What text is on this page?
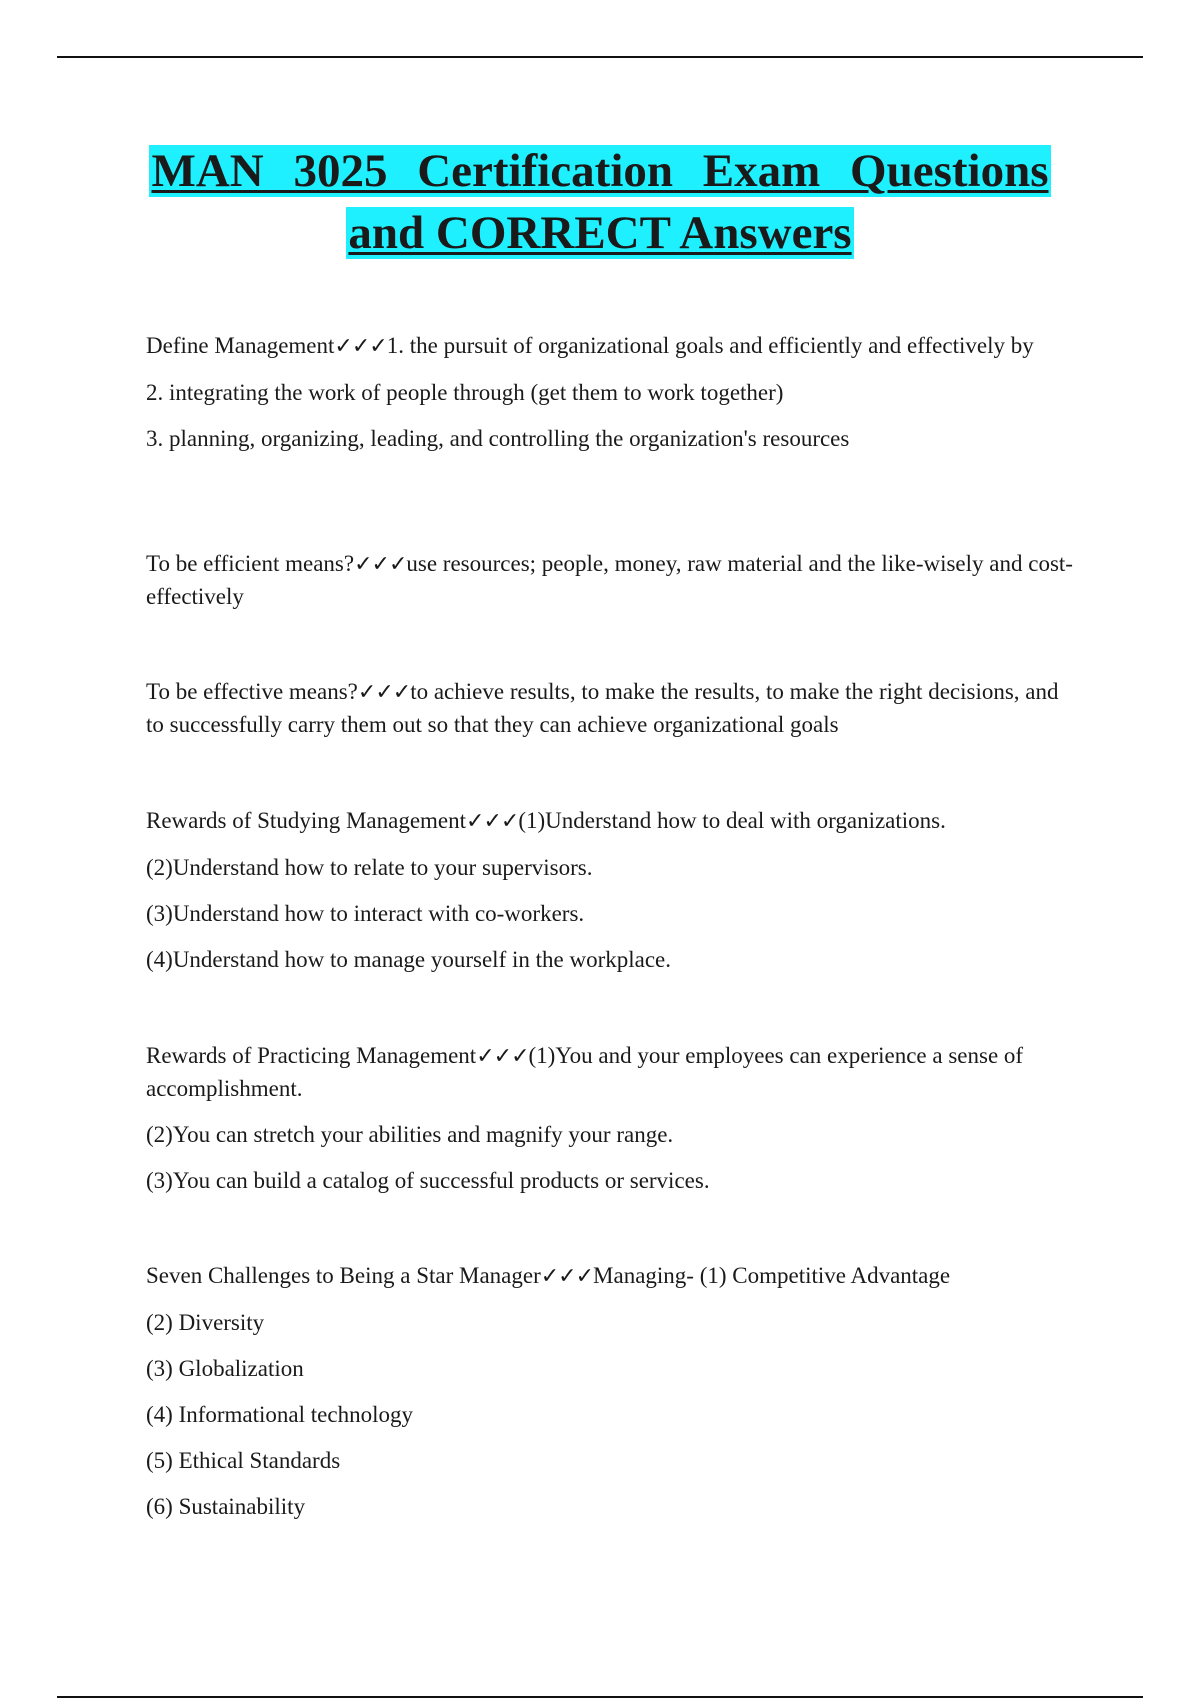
MAN 3025 Certification Exam Questions
and CORRECT Answers

Define Management✓✓✓1. the pursuit of organizational goals and efficiently and effectively by

2. integrating the work of people through (get them to work together)

3. planning, organizing, leading, and controlling the organization's resources

To be efficient means?✓✓✓use resources; people, money, raw material and the like-wisely and cost-effectively

To be effective means?✓✓✓to achieve results, to make the results, to make the right decisions, and to successfully carry them out so that they can achieve organizational goals

Rewards of Studying Management✓✓✓(1)Understand how to deal with organizations.

(2)Understand how to relate to your supervisors.

(3)Understand how to interact with co-workers.

(4)Understand how to manage yourself in the workplace.

Rewards of Practicing Management✓✓✓(1)You and your employees can experience a sense of accomplishment.

(2)You can stretch your abilities and magnify your range.

(3)You can build a catalog of successful products or services.

Seven Challenges to Being a Star Manager✓✓✓Managing- (1) Competitive Advantage

(2) Diversity

(3) Globalization

(4) Informational technology

(5) Ethical Standards

(6) Sustainability
